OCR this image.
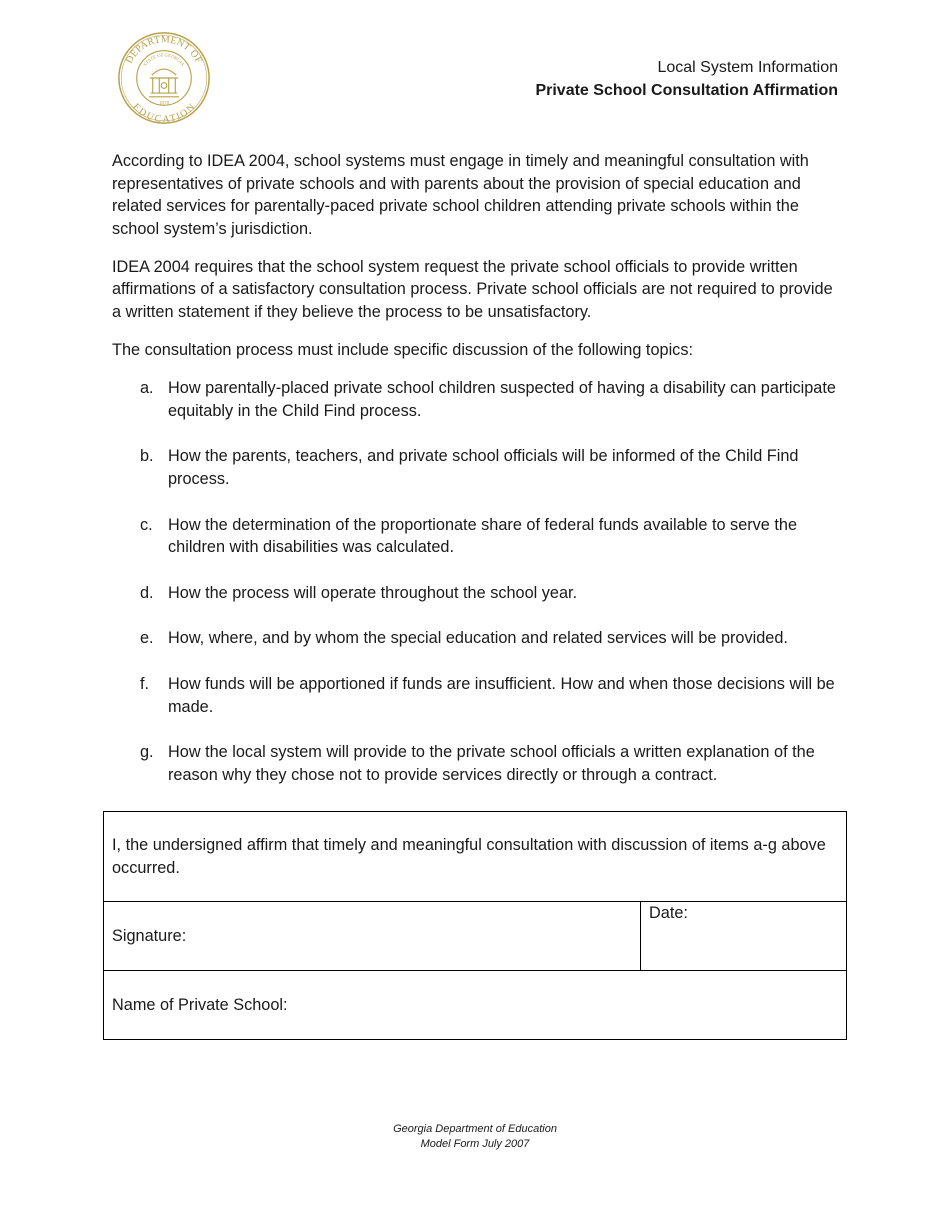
DEPARTMENT OF
EDUCATION
STATE OF GEORGIA
1870
Local System Information
Private School Consultation Affirmation

According to IDEA 2004, school systems must engage in timely and meaningful consultation with representatives of private schools and with parents about the provision of special education and related services for parentally-paced private school children attending private schools within the school system’s jurisdiction.

IDEA 2004 requires that the school system request the private school officials to provide written affirmations of a satisfactory consultation process. Private school officials are not required to provide a written statement if they believe the process to be unsatisfactory.

The consultation process must include specific discussion of the following topics:

a. How parentally-placed private school children suspected of having a disability can participate equitably in the Child Find process.
b. How the parents, teachers, and private school officials will be informed of the Child Find process.
c. How the determination of the proportionate share of federal funds available to serve the children with disabilities was calculated.
d. How the process will operate throughout the school year.
e. How, where, and by whom the special education and related services will be provided.
f.	How funds will be apportioned if funds are insufficient. How and when those decisions will be made.
g. How the local system will provide to the private school officials a written explanation of the reason why they chose not to provide services directly or through a contract.
I, the undersigned affirm that timely and meaningful consultation with discussion of items a-g above occurred.
Signature:	Date:
Name of Private School:
Georgia Department of Education
Model Form July 2007
